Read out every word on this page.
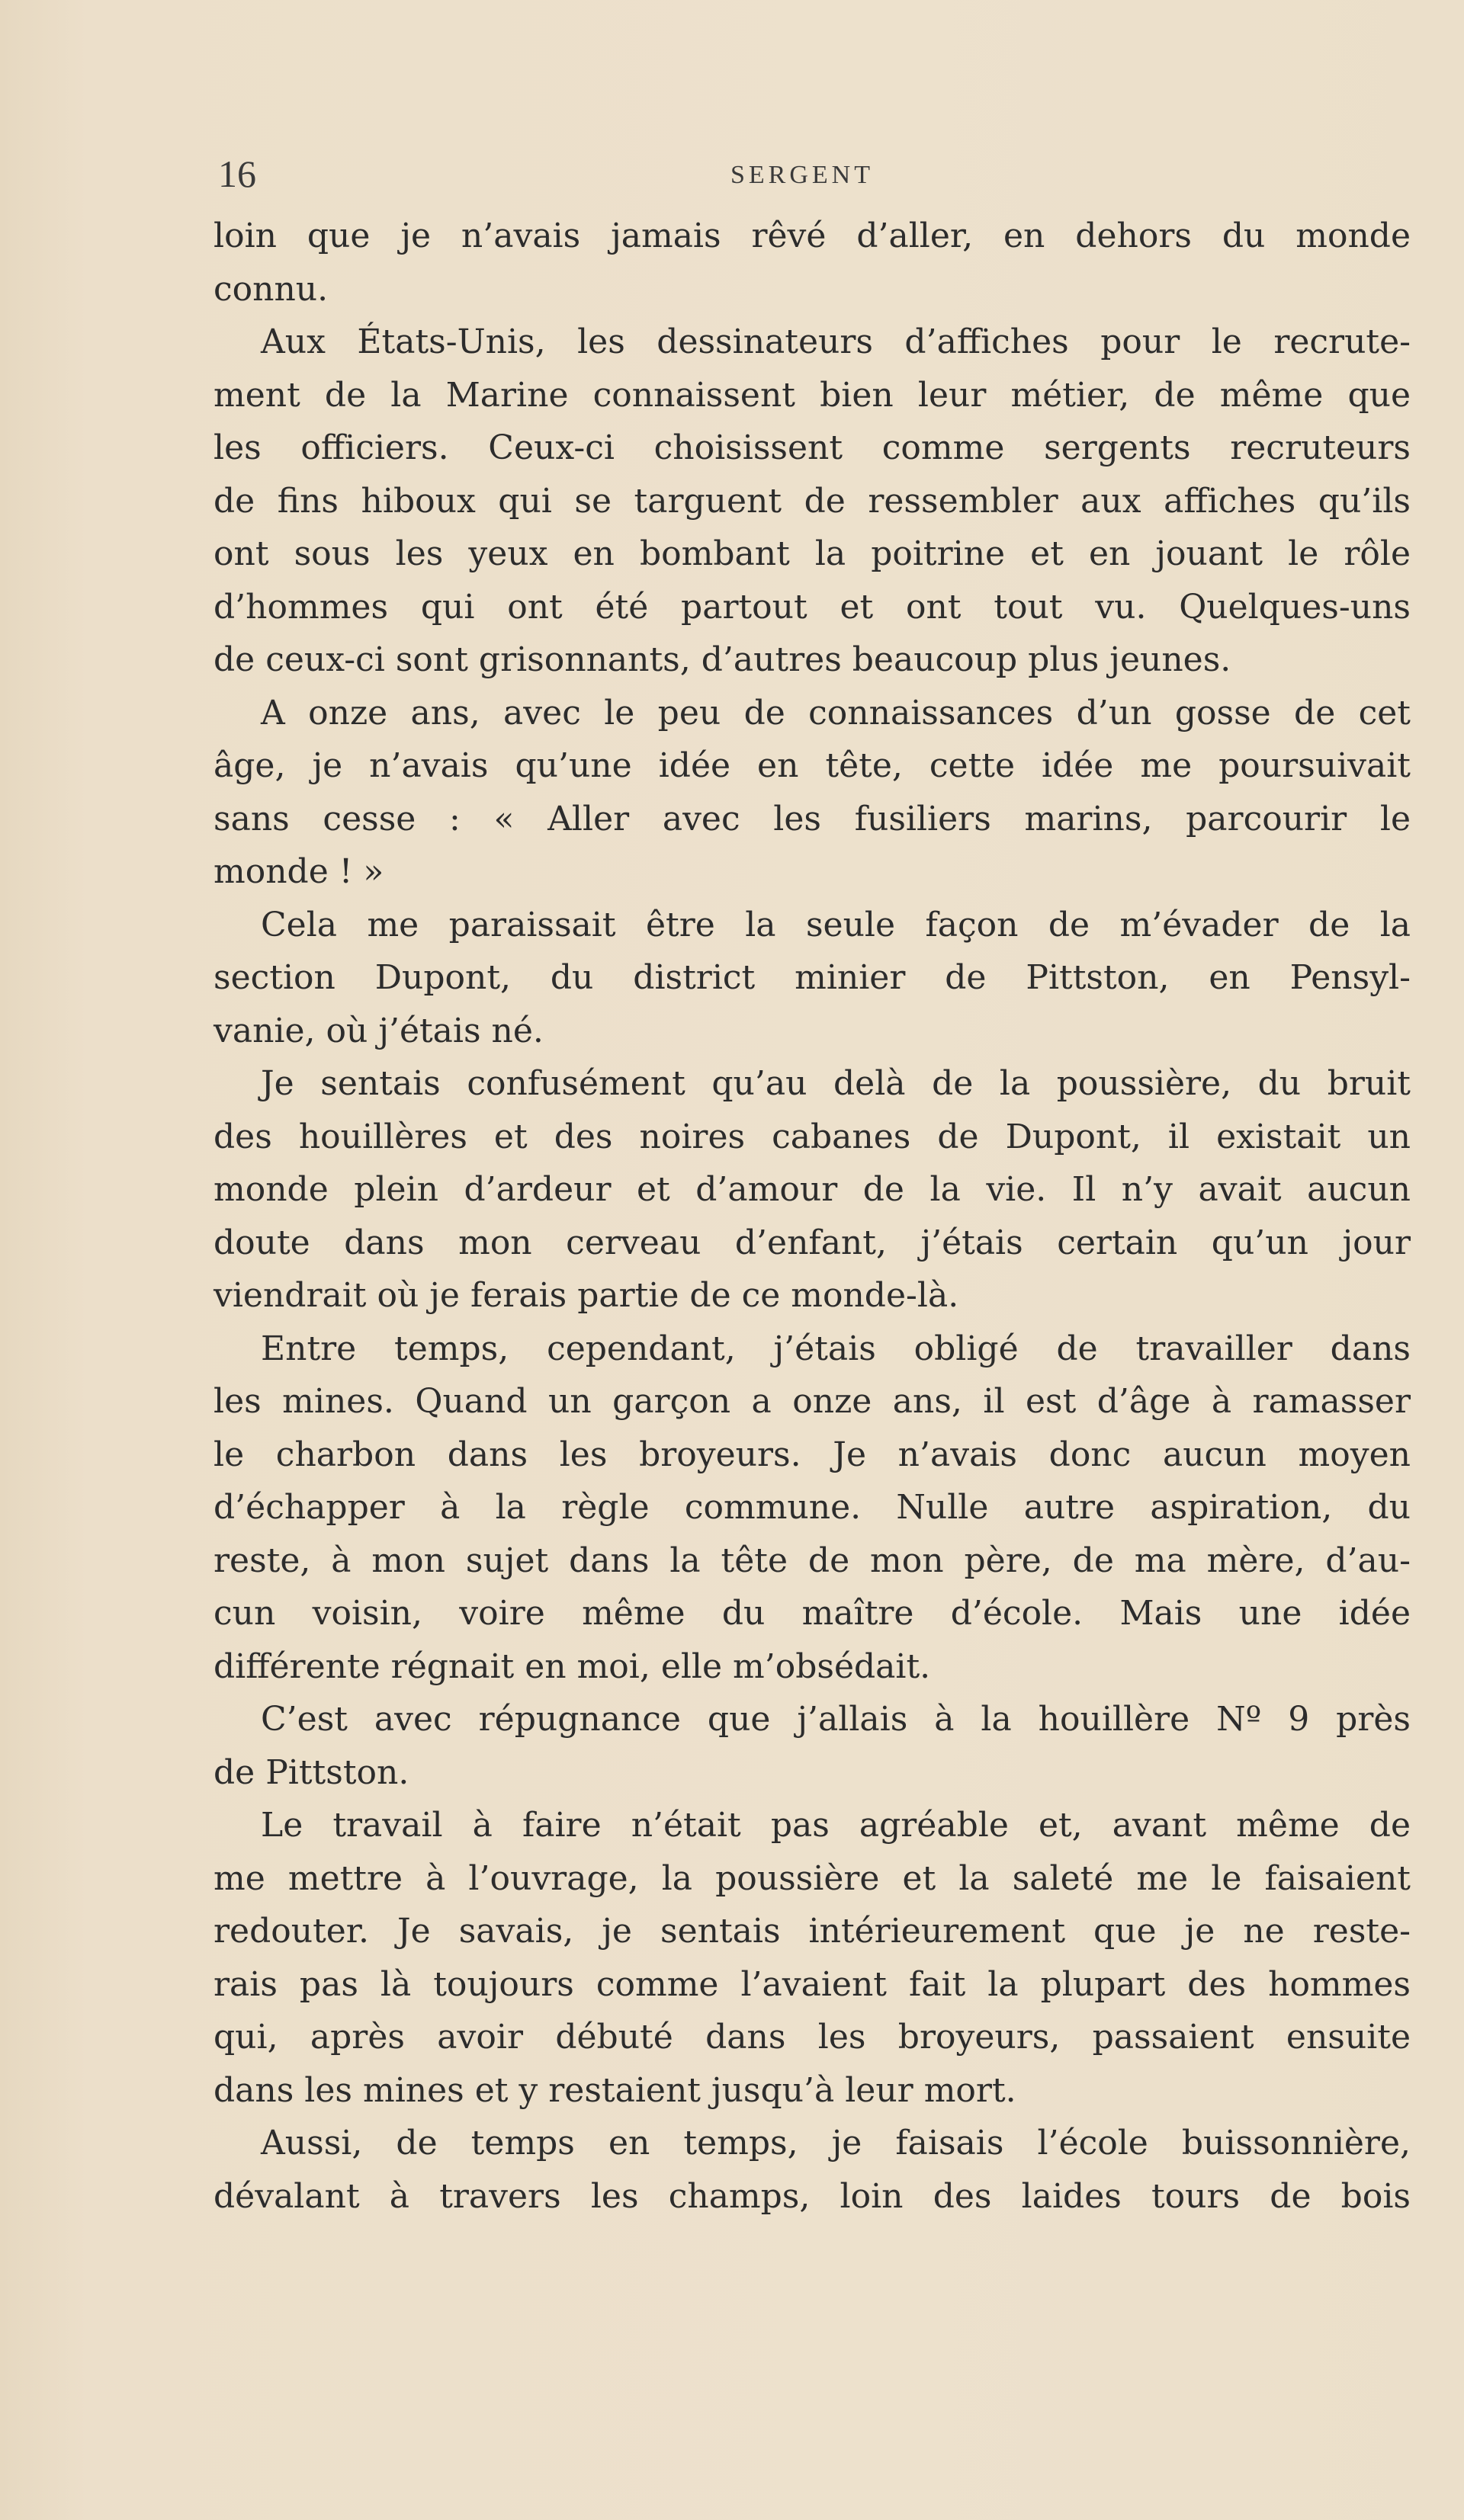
16	SERGENT
loin que je n’avais jamais rêvé d’aller, en dehors du monde
connu.
Aux États-Unis, les dessinateurs d’affiches pour le recrute-
ment de la Marine connaissent bien leur métier, de même que
les officiers. Ceux-ci choisissent comme sergents recruteurs
de fins hiboux qui se targuent de ressembler aux affiches qu’ils
ont sous les yeux en bombant la poitrine et en jouant le rôle
d’hommes qui ont été partout et ont tout vu. Quelques-uns
de ceux-ci sont grisonnants, d’autres beaucoup plus jeunes.
A onze ans, avec le peu de connaissances d’un gosse de cet
âge, je n’avais qu’une idée en tête, cette idée me poursuivait
sans cesse : « Aller avec les fusiliers marins, parcourir le
monde ! »
Cela me paraissait être la seule façon de m’évader de la
section Dupont, du district minier de Pittston, en Pensyl-
vanie, où j’étais né.
Je sentais confusément qu’au delà de la poussière, du bruit
des houillères et des noires cabanes de Dupont, il existait un
monde plein d’ardeur et d’amour de la vie. Il n’y avait aucun
doute dans mon cerveau d’enfant, j’étais certain qu’un jour
viendrait où je ferais partie de ce monde-là.
Entre temps, cependant, j’étais obligé de travailler dans
les mines. Quand un garçon a onze ans, il est d’âge à ramasser
le charbon dans les broyeurs. Je n’avais donc aucun moyen
d’échapper à la règle commune. Nulle autre aspiration, du
reste, à mon sujet dans la tête de mon père, de ma mère, d’au-
cun voisin, voire même du maître d’école. Mais une idée
différente régnait en moi, elle m’obsédait.
C’est avec répugnance que j’allais à la houillère Nº 9 près
de Pittston.
Le travail à faire n’était pas agréable et, avant même de
me mettre à l’ouvrage, la poussière et la saleté me le faisaient
redouter. Je savais, je sentais intérieurement que je ne reste-
rais pas là toujours comme l’avaient fait la plupart des hommes
qui, après avoir débuté dans les broyeurs, passaient ensuite
dans les mines et y restaient jusqu’à leur mort.
Aussi, de temps en temps, je faisais l’école buissonnière,
dévalant à travers les champs, loin des laides tours de bois
